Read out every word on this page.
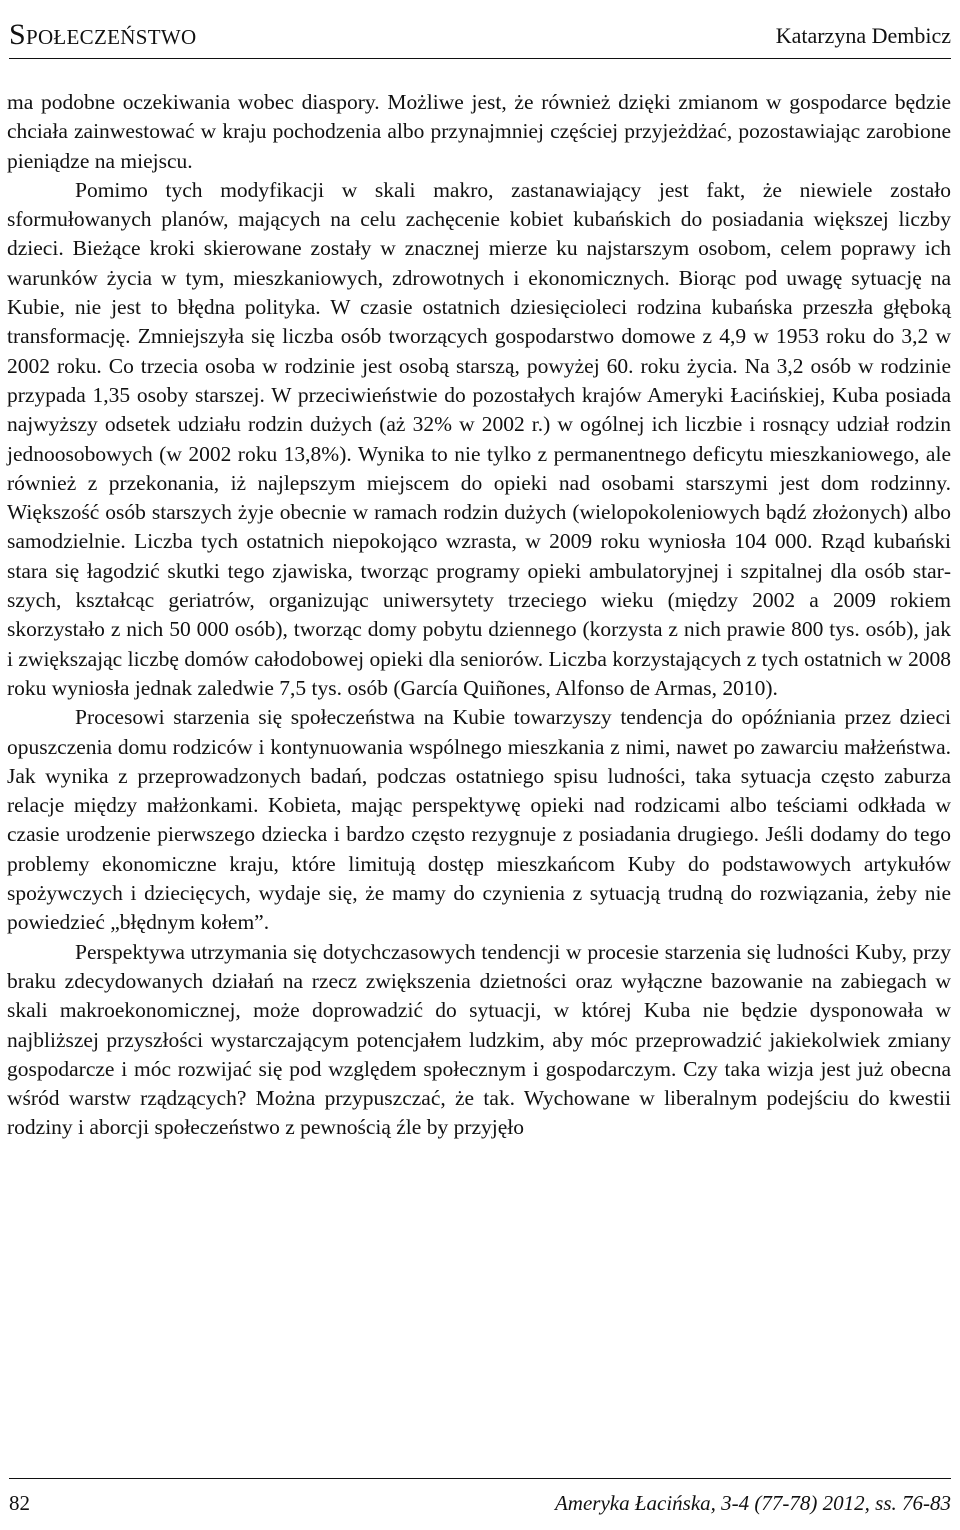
Społeczeństwo	Katarzyna Dembicz

ma podobne oczekiwania wobec diaspory. Możliwe jest, że również dzięki zmianom w gospodarce będzie chciała zainwestować w kraju pochodzenia albo przynajmniej częściej przyjeżdżać, pozostawiając zarobione pieniądze na miejscu.

Pomimo tych modyfikacji w skali makro, zastanawiający jest fakt, że niewiele zostało sformułowanych planów, mających na celu zachęcenie kobiet kubańskich do posiadania większej liczby dzieci. Bieżące kroki skierowane zostały w znacznej mierze ku najstarszym osobom, celem poprawy ich warunków życia w tym, mieszkaniowych, zdrowotnych i ekonomicznych. Biorąc pod uwagę sytuację na Kubie, nie jest to błędna polityka. W czasie ostatnich dziesięcioleci rodzina kubańska przeszła głęboką transformację. Zmniejszyła się liczba osób tworzących gospodarstwo domowe z 4,9 w 1953 roku do 3,2 w 2002 roku. Co trzecia osoba w rodzinie jest osobą starszą, powyżej 60. roku życia. Na 3,2 osób w rodzinie przypada 1,35 osoby starszej. W przeciwieństwie do pozostałych krajów Ameryki Łacińskiej, Kuba posiada najwyższy odsetek udziału rodzin dużych (aż 32% w 2002 r.) w ogólnej ich liczbie i rosnący udział rodzin jednoosobowych (w 2002 roku 13,8%). Wynika to nie tylko z permanentnego deficytu mieszkaniowego, ale również z przekonania, iż najlepszym miejscem do opieki nad osobami starszymi jest dom rodzinny. Większość osób starszych żyje obecnie w ramach rodzin dużych (wielopokoleniowych bądź złożonych) albo samodzielnie. Liczba tych ostatnich niepokojąco wzrasta, w 2009 roku wyniosła 104 000. Rząd kubański stara się łagodzić skutki tego zjawiska, tworząc programy opieki ambulatoryjnej i szpitalnej dla osób starszych, kształcąc geriatrów, organizując uniwersytety trzeciego wieku (między 2002 a 2009 rokiem skorzystało z nich 50 000 osób), tworząc domy pobytu dziennego (korzysta z nich prawie 800 tys. osób), jak i zwiększając liczbę domów całodobowej opieki dla seniorów. Liczba korzystających z tych ostatnich w 2008 roku wyniosła jednak zaledwie 7,5 tys. osób (García Quiñones, Alfonso de Armas, 2010).

Procesowi starzenia się społeczeństwa na Kubie towarzyszy tendencja do opóźniania przez dzieci opuszczenia domu rodziców i kontynuowania wspólnego mieszkania z nimi, nawet po zawarciu małżeństwa. Jak wynika z przeprowadzonych badań, podczas ostatniego spisu ludności, taka sytuacja często zaburza relacje między małżonkami. Kobieta, mając perspektywę opieki nad rodzicami albo teściami odkłada w czasie urodzenie pierwszego dziecka i bardzo często rezygnuje z posiadania drugiego. Jeśli dodamy do tego problemy ekonomiczne kraju, które limitują dostęp mieszkańcom Kuby do podstawowych artykułów spożywczych i dziecięcych, wydaje się, że mamy do czynienia z sytuacją trudną do rozwiązania, żeby nie powiedzieć „błędnym kołem”.

Perspektywa utrzymania się dotychczasowych tendencji w procesie starzenia się ludności Kuby, przy braku zdecydowanych działań na rzecz zwiększenia dzietności oraz wyłączne bazowanie na zabiegach w skali makroekonomicznej, może doprowadzić do sytuacji, w której Kuba nie będzie dysponowała w najbliższej przyszłości wystarczającym potencjałem ludzkim, aby móc przeprowadzić jakiekolwiek zmiany gospodarcze i móc rozwijać się pod względem społecznym i gospodarczym. Czy taka wizja jest już obecna wśród warstw rządzących? Można przypuszczać, że tak. Wychowane w liberalnym podejściu do kwestii rodziny i aborcji społeczeństwo z pewnością źle by przyjęło

82	Ameryka Łacińska, 3-4 (77-78) 2012, ss. 76-83
